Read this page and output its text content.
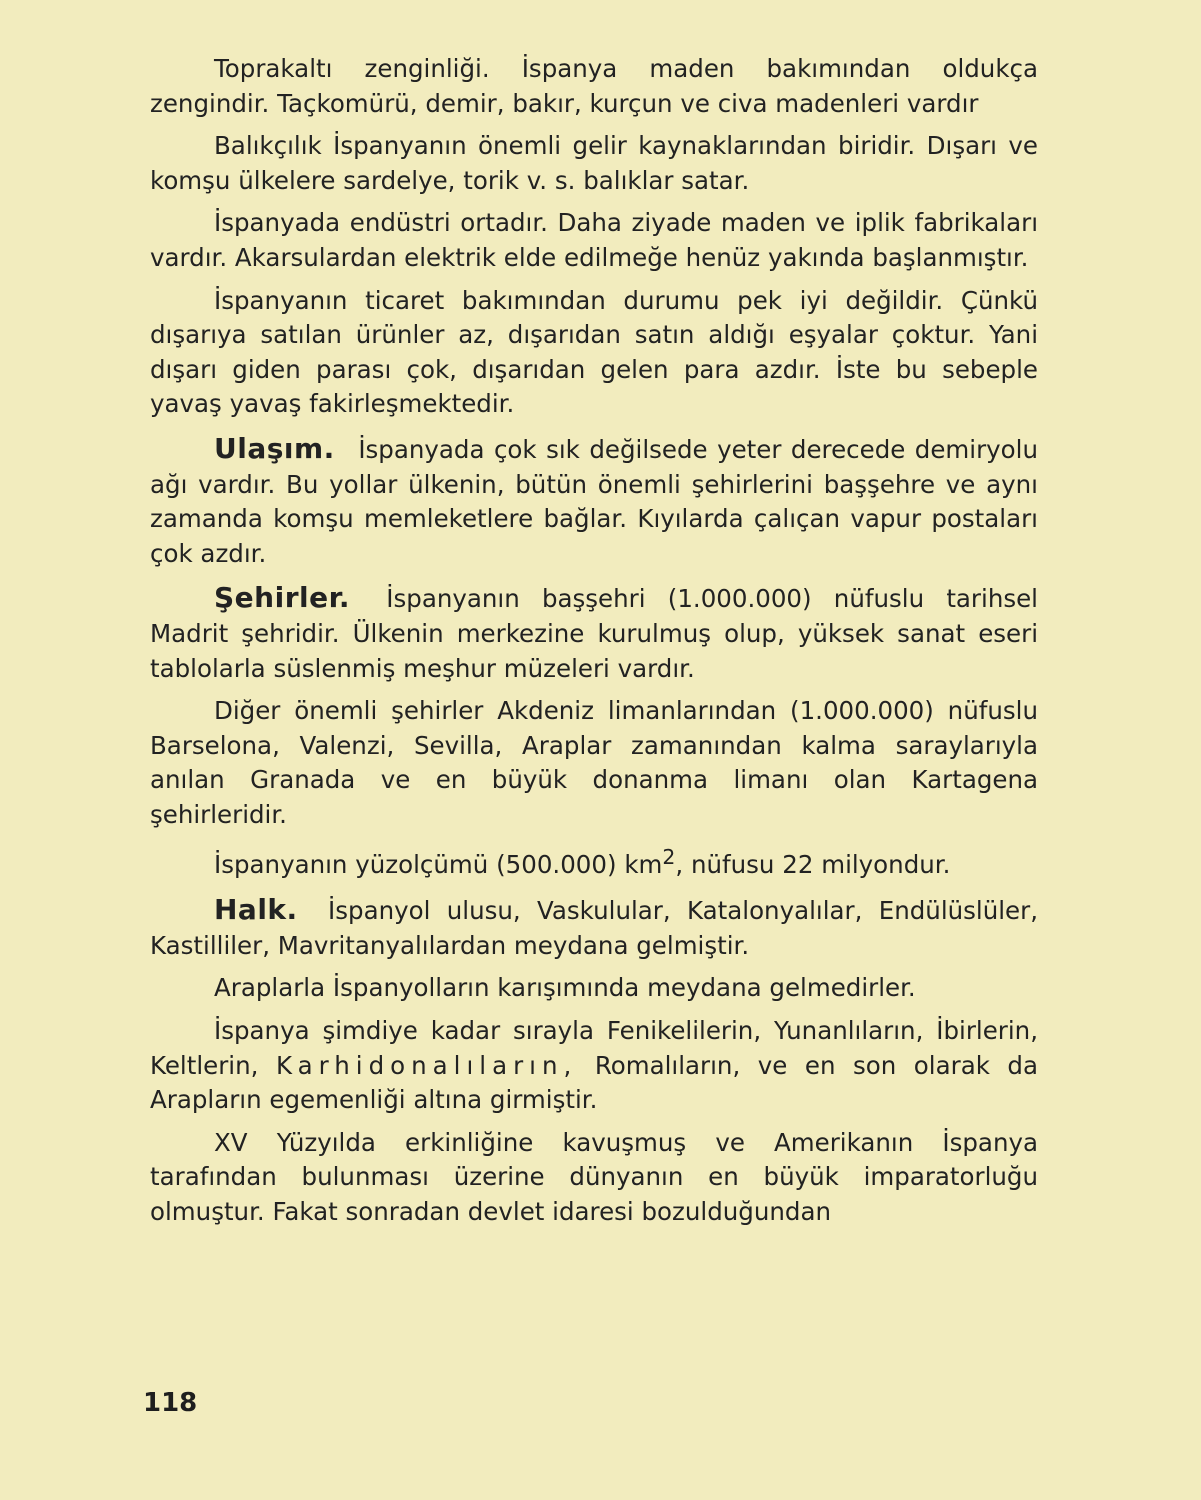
Toprakaltı zenginliği. İspanya maden bakımından oldukça zengindir. Taçkomürü, demir, bakır, kurçun ve civa madenleri vardır

Balıkçılık İspanyanın önemli gelir kaynaklarından biridir. Dışarı ve komşu ülkelere sardelye, torik v. s. balıklar satar.

İspanyada endüstri ortadır. Daha ziyade maden ve iplik fabrikaları vardır. Akarsulardan elektrik elde edilmeğe henüz yakında başlanmıştır.

İspanyanın ticaret bakımından durumu pek iyi değildir. Çünkü dışarıya satılan ürünler az, dışarıdan satın aldığı eşyalar çoktur. Yani dışarı giden parası çok, dışarıdan gelen para azdır. İste bu sebeple yavaş yavaş fakirleşmektedir.

Ulaşım. İspanyada çok sık değilsede yeter derecede demiryolu ağı vardır. Bu yollar ülkenin, bütün önemli şehirlerini başşehre ve aynı zamanda komşu memleketlere bağlar. Kıyılarda çalıçan vapur postaları çok azdır.

Şehirler. İspanyanın başşehri (1.000.000) nüfuslu tarihsel Madrit şehridir. Ülkenin merkezine kurulmuş olup, yüksek sanat eseri tablolarla süslenmiş meşhur müzeleri vardır.

Diğer önemli şehirler Akdeniz limanlarından (1.000.000) nüfuslu Barselona, Valenzi, Sevilla, Araplar zamanından kalma saraylarıyla anılan Granada ve en büyük donanma limanı olan Kartagena şehirleridir.

İspanyanın yüzolçümü (500.000) $km^2$, nüfusu 22 milyondur.

Halk. İspanyol ulusu, Vaskulular, Katalonyalılar, Endülüslüler, Kastilliler, Mavritanyalılardan meydana gelmiştir.

Araplarla İspanyolların karışımında meydana gelmedirler.

İspanya şimdiye kadar sırayla Fenikelilerin, Yunanlıların, İbirlerin, Keltlerin, Karhidonalıların, Romalıların, ve en son olarak da Arapların egemenliği altına girmiştir.

XV Yüzyılda erkinliğine kavuşmuş ve Amerikanın İspanya tarafından bulunması üzerine dünyanın en büyük imparatorluğu olmuştur. Fakat sonradan devlet idaresi bozulduğundan

118
